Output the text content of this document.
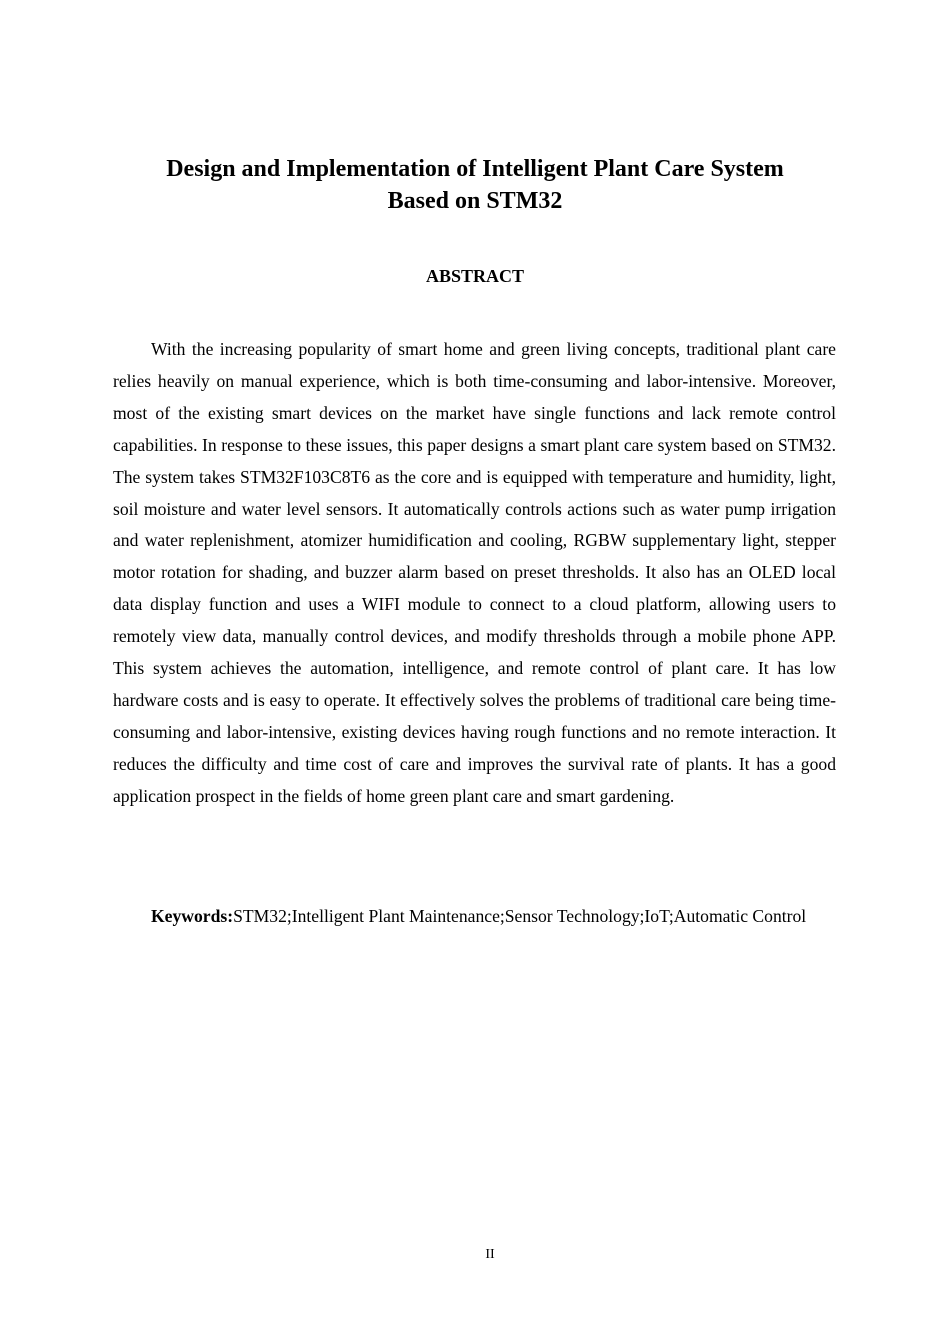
Design and Implementation of Intelligent Plant Care System
Based on STM32
ABSTRACT

With the increasing popularity of smart home and green living concepts, traditional plant care relies heavily on manual experience, which is both time-consuming and labor-intensive. Moreover, most of the existing smart devices on the market have single functions and lack remote control capabilities. In response to these issues, this paper designs a smart plant care system based on STM32. The system takes STM32F103C8T6 as the core and is equipped with temperature and humidity, light, soil moisture and water level sensors. It automatically controls actions such as water pump irrigation and water replenishment, atomizer humidification and cooling, RGBW supplementary light, stepper motor rotation for shading, and buzzer alarm based on preset thresholds. It also has an OLED local data display function and uses a WIFI module to connect to a cloud platform, allowing users to remotely view data, manually control devices, and modify thresholds through a mobile phone APP. This system achieves the automation, intelligence, and remote control of plant care. It has low hardware costs and is easy to operate. It effectively solves the problems of traditional care being time-consuming and labor-intensive, existing devices having rough functions and no remote interaction. It reduces the difficulty and time cost of care and improves the survival rate of plants. It has a good application prospect in the fields of home green plant care and smart gardening.

Keywords:STM32;Intelligent Plant Maintenance;Sensor Technology;IoT;Automatic Control

II
